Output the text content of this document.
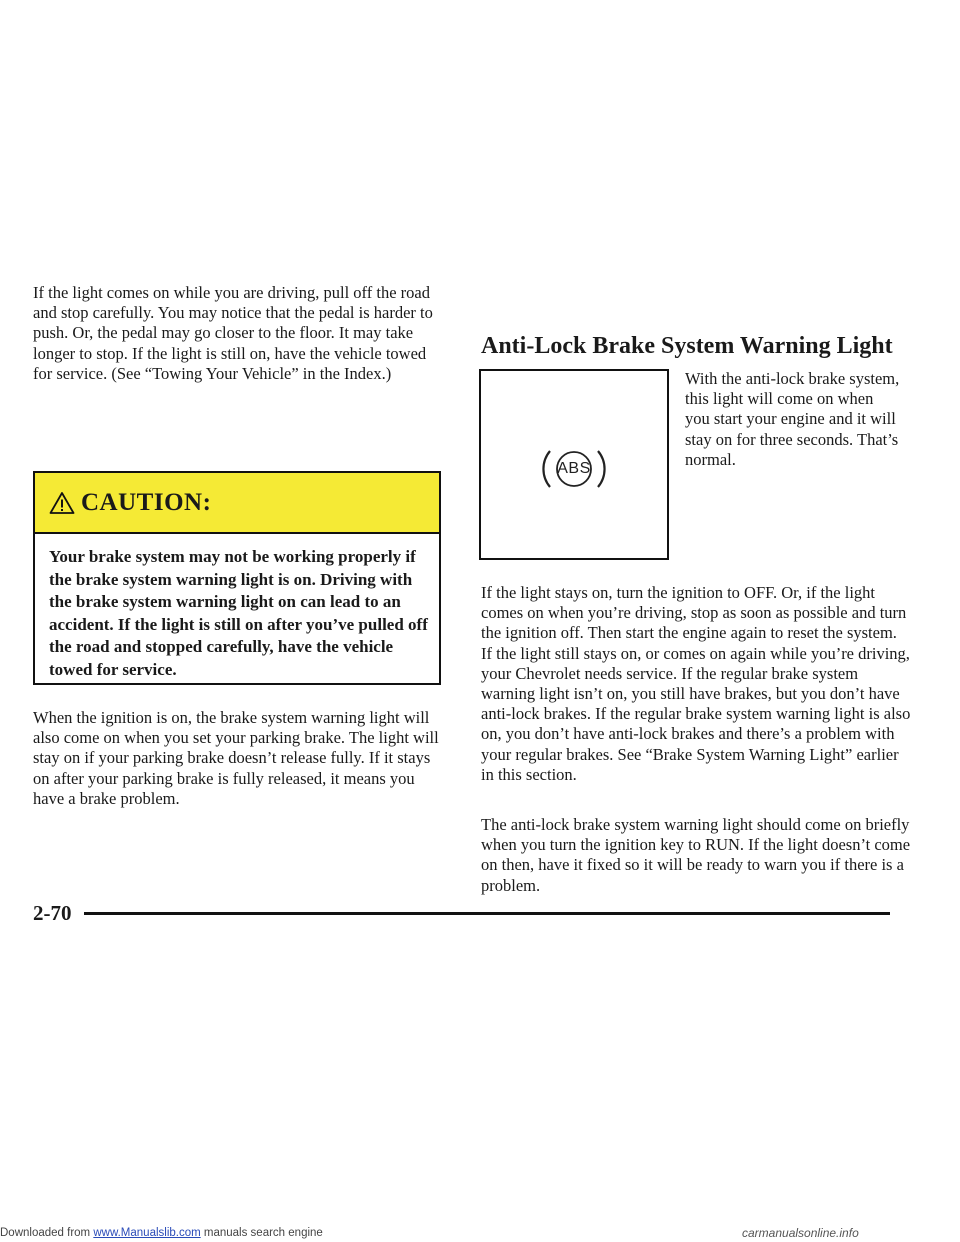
If the light comes on while you are driving, pull off the road and stop carefully. You may notice that the pedal is harder to push. Or, the pedal may go closer to the floor. It may take longer to stop. If the light is still on, have the vehicle towed for service. (See “Towing Your Vehicle” in the Index.)

CAUTION:

Your brake system may not be working properly if the brake system warning light is on. Driving with the brake system warning light on can lead to an accident. If the light is still on after you’ve pulled off the road and stopped carefully, have the vehicle towed for service.

When the ignition is on, the brake system warning light will also come on when you set your parking brake. The light will stay on if your parking brake doesn’t release fully. If it stays on after your parking brake is fully released, it means you have a brake problem.

Anti-Lock Brake System Warning Light
ABS

With the anti-lock brake system, this light will come on when you start your engine and it will stay on for three seconds. That’s normal.

If the light stays on, turn the ignition to OFF. Or, if the light comes on when you’re driving, stop as soon as possible and turn the ignition off. Then start the engine again to reset the system. If the light still stays on, or comes on again while you’re driving, your Chevrolet needs service. If the regular brake system warning light isn’t on, you still have brakes, but you don’t have anti-lock brakes. If the regular brake system warning light is also on, you don’t have anti-lock brakes and there’s a problem with your regular brakes. See “Brake System Warning Light” earlier in this section.

The anti-lock brake system warning light should come on briefly when you turn the ignition key to RUN. If the light doesn’t come on then, have it fixed so it will be ready to warn you if there is a problem.

2-70
Downloaded from www.Manualslib.com manuals search engine	carmanualsonline.info
